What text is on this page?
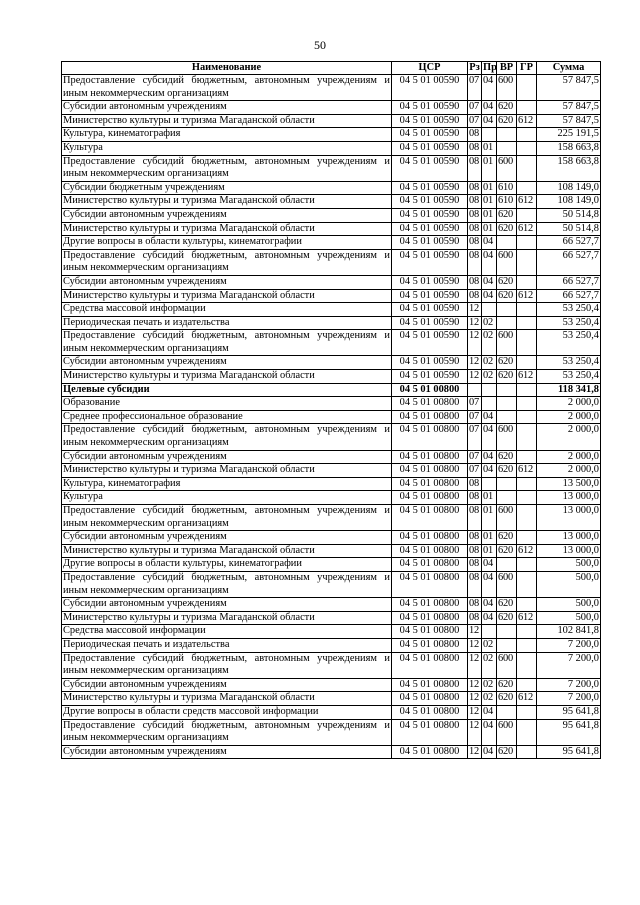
50
Наименование	ЦСР	Рз	Пр	ВР	ГР	Сумма
Предоставление субсидий бюджетным, автономным учреждениям и иным некоммерческим организациям	04 5 01 00590	07	04	600		57 847,5
Субсидии автономным учреждениям	04 5 01 00590	07	04	620		57 847,5
Министерство культуры и туризма Магаданской области	04 5 01 00590	07	04	620	612	57 847,5
Культура, кинематография	04 5 01 00590	08				225 191,5
Культура	04 5 01 00590	08	01			158 663,8
Предоставление субсидий бюджетным, автономным учреждениям и иным некоммерческим организациям	04 5 01 00590	08	01	600		158 663,8
Субсидии бюджетным учреждениям	04 5 01 00590	08	01	610		108 149,0
Министерство культуры и туризма Магаданской области	04 5 01 00590	08	01	610	612	108 149,0
Субсидии автономным учреждениям	04 5 01 00590	08	01	620		50 514,8
Министерство культуры и туризма Магаданской области	04 5 01 00590	08	01	620	612	50 514,8
Другие вопросы в области культуры, кинематографии	04 5 01 00590	08	04			66 527,7
Предоставление субсидий бюджетным, автономным учреждениям и иным некоммерческим организациям	04 5 01 00590	08	04	600		66 527,7
Субсидии автономным учреждениям	04 5 01 00590	08	04	620		66 527,7
Министерство культуры и туризма Магаданской области	04 5 01 00590	08	04	620	612	66 527,7
Средства массовой информации	04 5 01 00590	12				53 250,4
Периодическая печать и издательства	04 5 01 00590	12	02			53 250,4
Предоставление субсидий бюджетным, автономным учреждениям и иным некоммерческим организациям	04 5 01 00590	12	02	600		53 250,4
Субсидии автономным учреждениям	04 5 01 00590	12	02	620		53 250,4
Министерство культуры и туризма Магаданской области	04 5 01 00590	12	02	620	612	53 250,4
Целевые субсидии	04 5 01 00800					118 341,8
Образование	04 5 01 00800	07				2 000,0
Среднее профессиональное образование	04 5 01 00800	07	04			2 000,0
Предоставление субсидий бюджетным, автономным учреждениям и иным некоммерческим организациям	04 5 01 00800	07	04	600		2 000,0
Субсидии автономным учреждениям	04 5 01 00800	07	04	620		2 000,0
Министерство культуры и туризма Магаданской области	04 5 01 00800	07	04	620	612	2 000,0
Культура, кинематография	04 5 01 00800	08				13 500,0
Культура	04 5 01 00800	08	01			13 000,0
Предоставление субсидий бюджетным, автономным учреждениям и иным некоммерческим организациям	04 5 01 00800	08	01	600		13 000,0
Субсидии автономным учреждениям	04 5 01 00800	08	01	620		13 000,0
Министерство культуры и туризма Магаданской области	04 5 01 00800	08	01	620	612	13 000,0
Другие вопросы в области культуры, кинематографии	04 5 01 00800	08	04			500,0
Предоставление субсидий бюджетным, автономным учреждениям и иным некоммерческим организациям	04 5 01 00800	08	04	600		500,0
Субсидии автономным учреждениям	04 5 01 00800	08	04	620		500,0
Министерство культуры и туризма Магаданской области	04 5 01 00800	08	04	620	612	500,0
Средства массовой информации	04 5 01 00800	12				102 841,8
Периодическая печать и издательства	04 5 01 00800	12	02			7 200,0
Предоставление субсидий бюджетным, автономным учреждениям и иным некоммерческим организациям	04 5 01 00800	12	02	600		7 200,0
Субсидии автономным учреждениям	04 5 01 00800	12	02	620		7 200,0
Министерство культуры и туризма Магаданской области	04 5 01 00800	12	02	620	612	7 200,0
Другие вопросы в области средств массовой информации	04 5 01 00800	12	04			95 641,8
Предоставление субсидий бюджетным, автономным учреждениям и иным некоммерческим организациям	04 5 01 00800	12	04	600		95 641,8
Субсидии автономным учреждениям	04 5 01 00800	12	04	620		95 641,8
